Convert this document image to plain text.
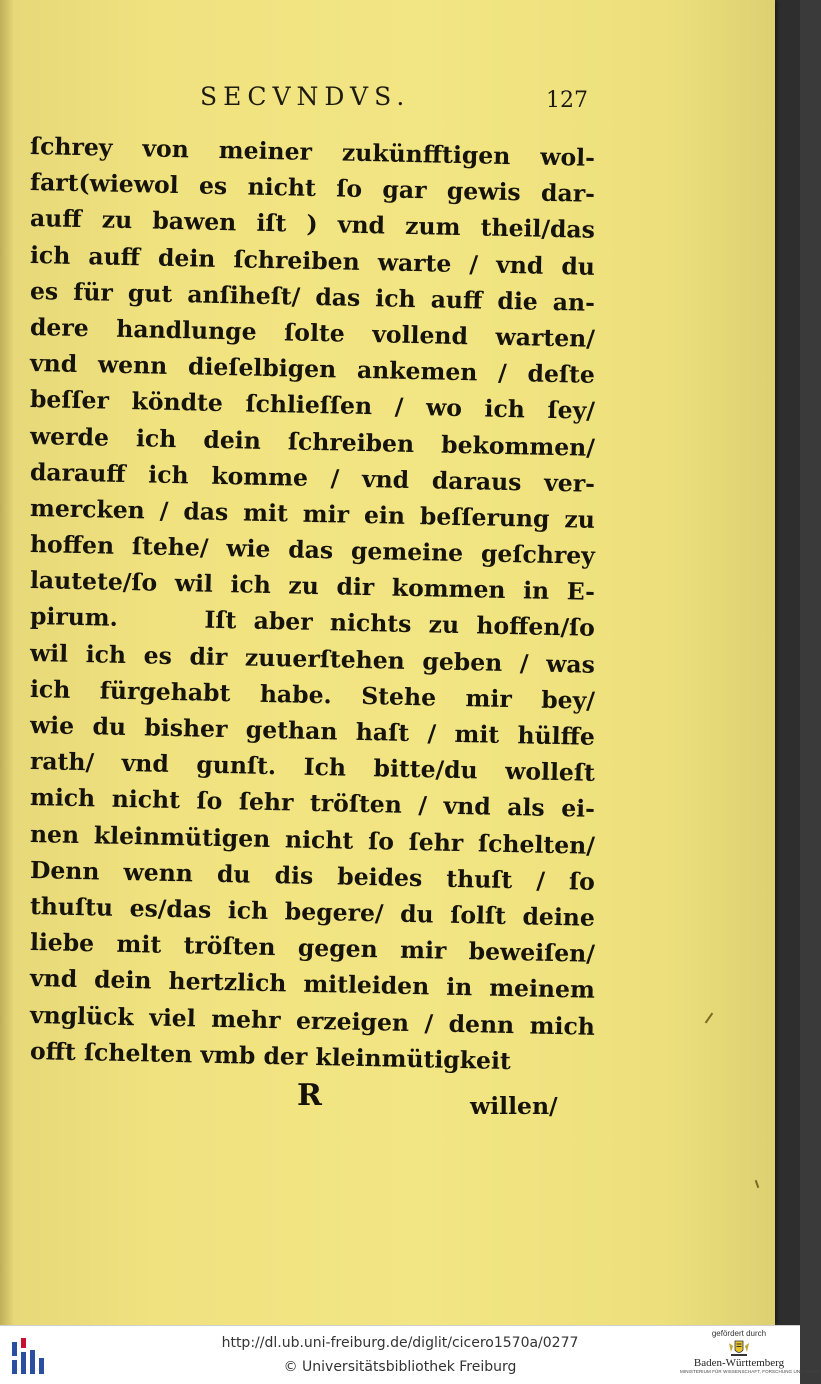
SECVNDVS.	127
ſchrey von meiner zukünfftigen wol-
fart(wiewol es nicht ſo gar gewis dar-
auff zu bawen iſt ) vnd zum theil/das
ich auff dein ſchreiben warte / vnd du
es für gut anſiheſt/ das ich auff die an-
dere handlunge ſolte vollend warten/
vnd wenn dieſelbigen ankemen / deſte
beſſer köndte ſchlieſſen / wo ich ſey/
werde ich dein ſchreiben bekommen/
darauff ich komme / vnd daraus ver-
mercken / das mit mir ein beſſerung zu
hoffen ſtehe/ wie das gemeine geſchrey
lautete/ſo wil ich zu dir kommen in E-
pirum.     Iſt aber nichts zu hoffen/ſo
wil ich es dir zuuerſtehen geben / was
ich fürgehabt habe. Stehe mir bey/
wie du bisher gethan haſt / mit hülffe
rath/ vnd gunſt. Ich bitte/du wolleſt
mich nicht ſo ſehr tröſten / vnd als ei-
nen kleinmütigen nicht ſo ſehr ſchelten/
Denn wenn du dis beides thuſt / ſo
thuſtu es/das ich begere/ du ſolſt deine
liebe mit tröſten gegen mir beweiſen/
vnd dein hertzlich mitleiden in meinem
vnglück viel mehr erzeigen / denn mich
offt ſchelten vmb der kleinmütigkeit
R	willen/
http://dl.ub.uni-freiburg.de/diglit/cicero1570a/0277
© Universitätsbibliothek Freiburg
gefördert durch
Baden-Württemberg
MINISTERIUM FÜR WISSENSCHAFT, FORSCHUNG UND KUNST
